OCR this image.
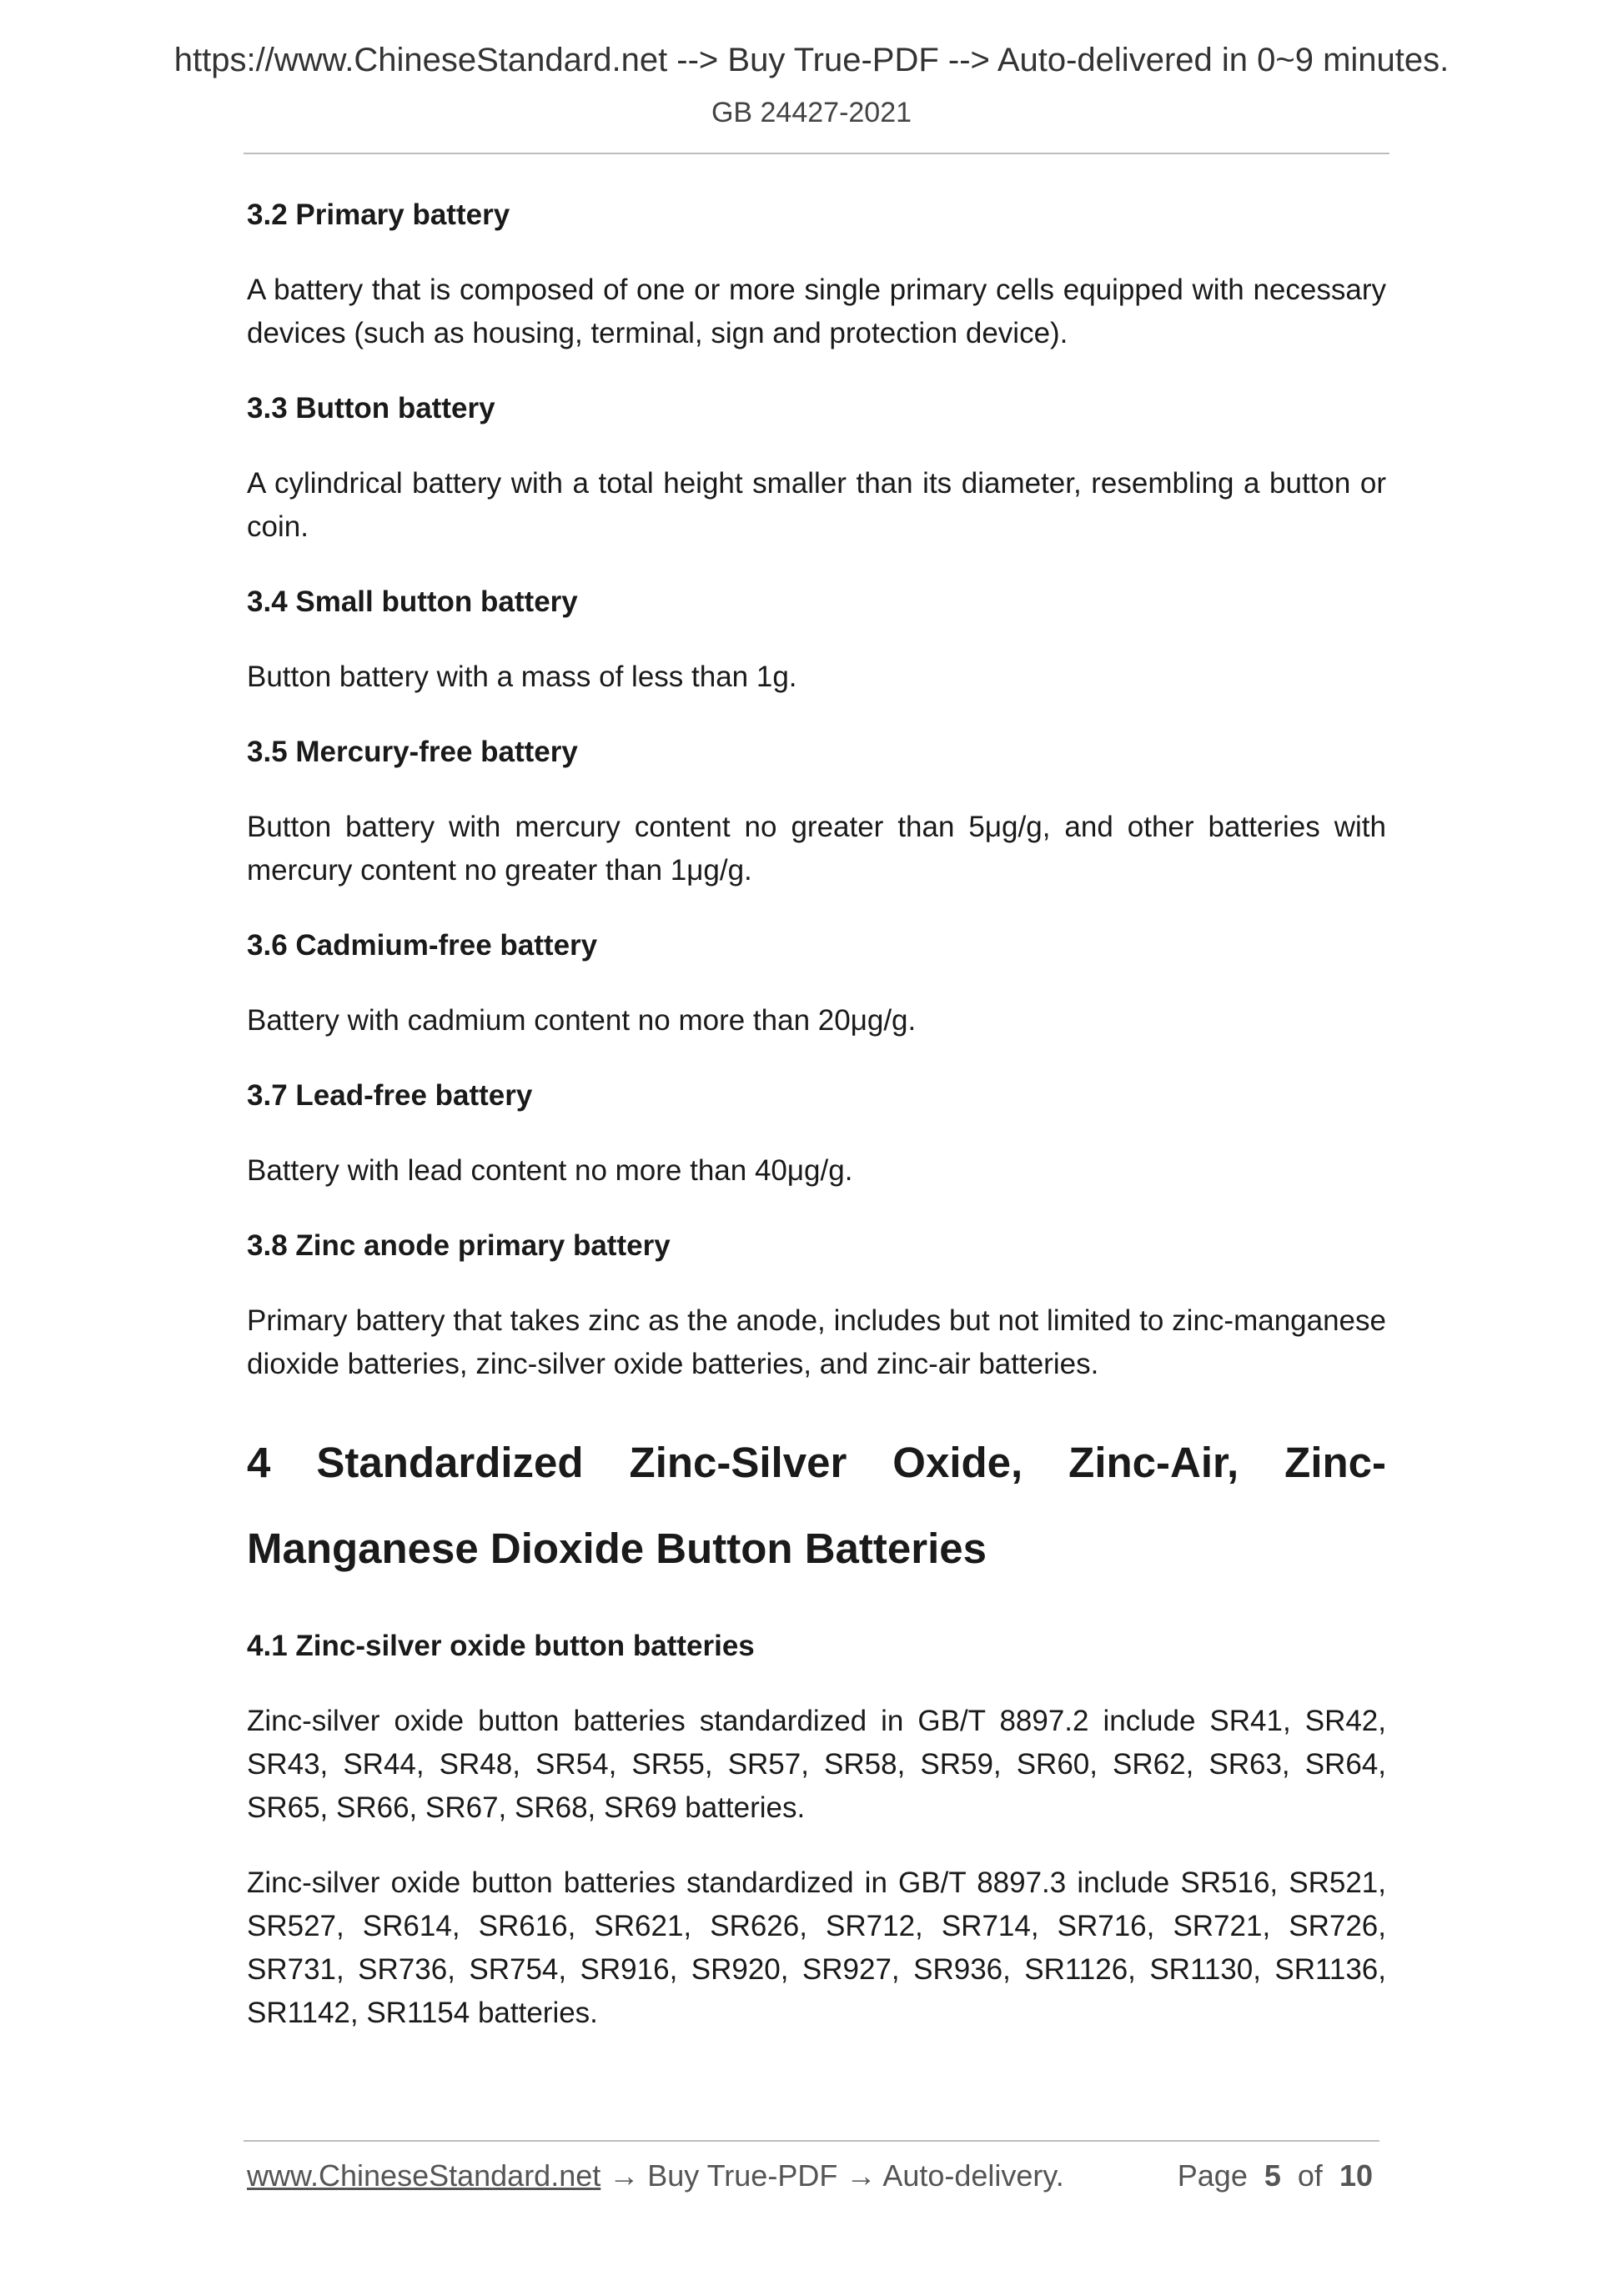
https://www.ChineseStandard.net --> Buy True-PDF --> Auto-delivered in 0~9 minutes.
GB 24427-2021
3.2 Primary battery
A battery that is composed of one or more single primary cells equipped with necessary devices (such as housing, terminal, sign and protection device).
3.3 Button battery
A cylindrical battery with a total height smaller than its diameter, resembling a button or coin.
3.4 Small button battery
Button battery with a mass of less than 1g.
3.5 Mercury-free battery
Button battery with mercury content no greater than 5μg/g, and other batteries with mercury content no greater than 1μg/g.
3.6 Cadmium-free battery
Battery with cadmium content no more than 20μg/g.
3.7 Lead-free battery
Battery with lead content no more than 40μg/g.
3.8 Zinc anode primary battery
Primary battery that takes zinc as the anode, includes but not limited to zinc-manganese dioxide batteries, zinc-silver oxide batteries, and zinc-air batteries.
4 Standardized Zinc-Silver Oxide, Zinc-Air, Zinc-Manganese Dioxide Button Batteries
4.1 Zinc-silver oxide button batteries
Zinc-silver oxide button batteries standardized in GB/T 8897.2 include SR41, SR42, SR43, SR44, SR48, SR54, SR55, SR57, SR58, SR59, SR60, SR62, SR63, SR64, SR65, SR66, SR67, SR68, SR69 batteries.
Zinc-silver oxide button batteries standardized in GB/T 8897.3 include SR516, SR521, SR527, SR614, SR616, SR621, SR626, SR712, SR714, SR716, SR721, SR726, SR731, SR736, SR754, SR916, SR920, SR927, SR936, SR1126, SR1130, SR1136, SR1142, SR1154 batteries.
www.ChineseStandard.net → Buy True-PDF → Auto-delivery.	Page 5 of 10
